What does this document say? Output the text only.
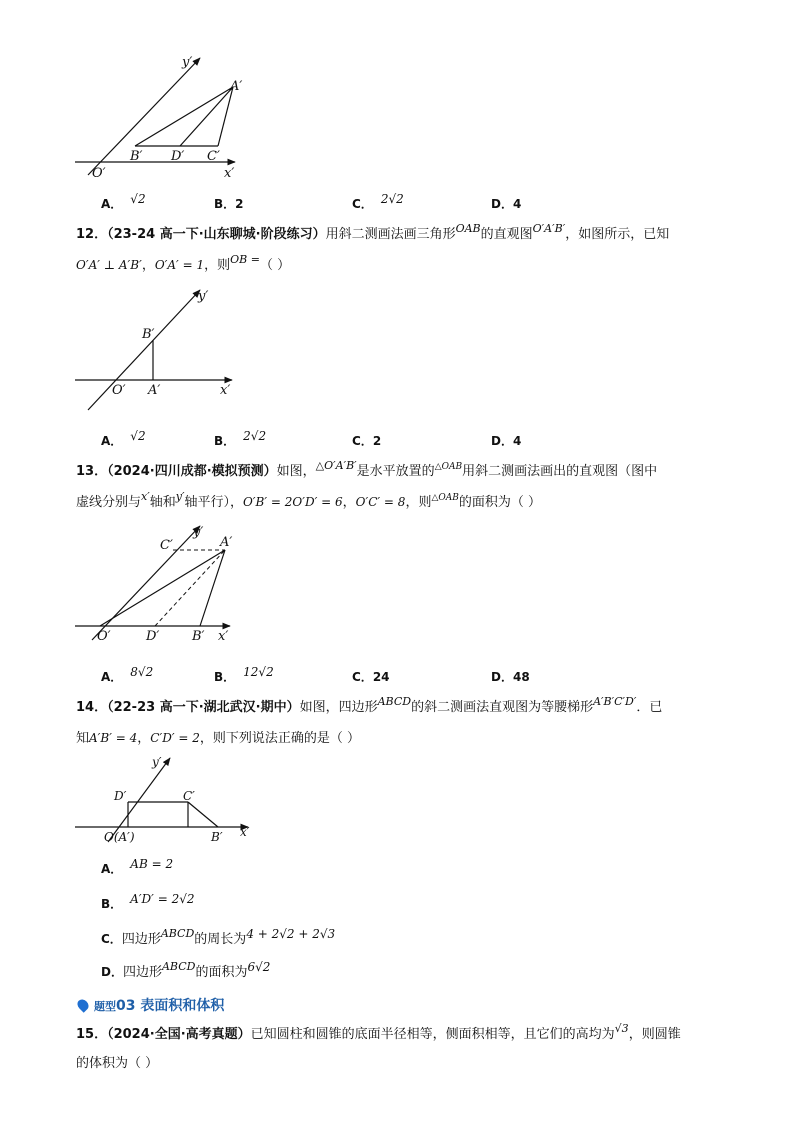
y′
A′
B′ D′ C′
O′	x′
A． √2	B．2	C． 2√2	D．4
12．（23-24 高一下·山东聊城·阶段练习）用斜二测画法画三角形$^{OAB}$的直观图$^{O'A'B'}$，如图所示，已知
O′A′ ⊥ A′B′，O′A′ = 1，则$^{OB =}$（ ）
y′
B′
O′ A′	x′
A． √2	B． 2√2	C．2	D．4
13．（2024·四川成都·模拟预测）如图，$^{\triangle O'A'B'}$是水平放置的$^{\triangle OAB}$用斜二测画法画出的直观图（图中
虚线分别与$^{x'}$轴和$^{y'}$轴平行），O′B′ = 2O′D′ = 6，O′C′ = 8，则$^{\triangle OAB}$的面积为（ ）
C′
y′
A′
O′	D′	B′ x′
A． 8√2	B． 12√2	C．24	D．48
14．（22-23 高一下·湖北武汉·期中）如图，四边形$^{ABCD}$的斜二测画法直观图为等腰梯形$^{A'B'C'D'}$．已
知A′B′ = 4，C′D′ = 2，则下列说法正确的是（ ）
y′
D′	C′
O(A′)	B′ x′
A． AB = 2
B． A′D′ = 2√2
C．四边形$^{ABCD}$的周长为4 + 2√2 + 2√3
D．四边形$^{ABCD}$的面积为6√2
题型03 表面积和体积
15．（2024·全国·高考真题）已知圆柱和圆锥的底面半径相等，侧面积相等，且它们的高均为$^{√3}$，则圆锥
的体积为（ ）
